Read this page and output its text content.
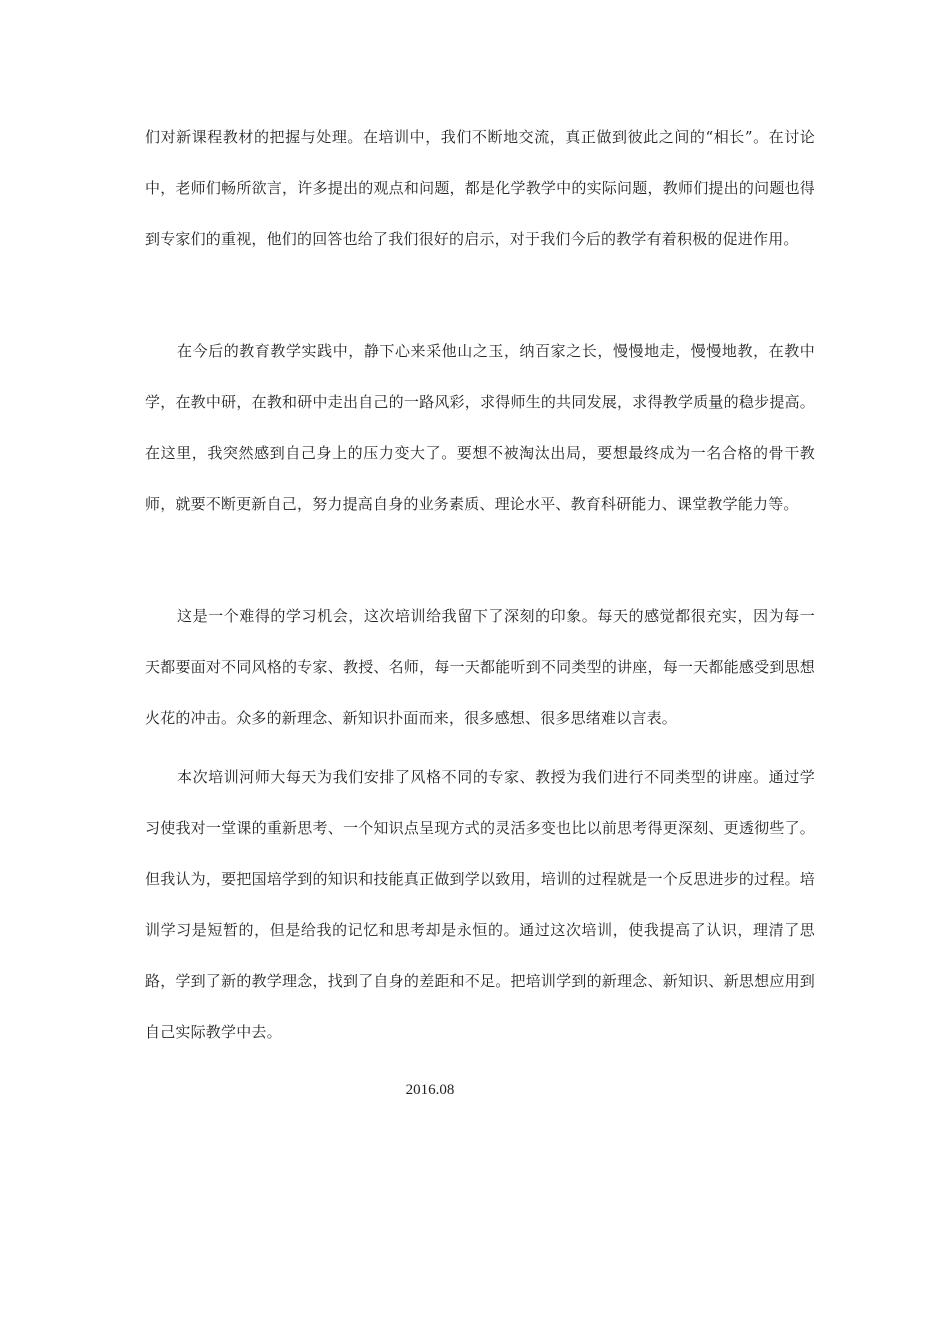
们对新课程教材的把握与处理。在培训中，我们不断地交流，真正做到彼此之间的“相长”。在讨论中，老师们畅所欲言，许多提出的观点和问题，都是化学教学中的实际问题，教师们提出的问题也得到专家们的重视，他们的回答也给了我们很好的启示，对于我们今后的教学有着积极的促进作用。

在今后的教育教学实践中，静下心来采他山之玉，纳百家之长，慢慢地走，慢慢地教，在教中学，在教中研，在教和研中走出自己的一路风彩，求得师生的共同发展，求得教学质量的稳步提高。在这里，我突然感到自己身上的压力变大了。要想不被淘汰出局，要想最终成为一名合格的骨干教师，就要不断更新自己，努力提高自身的业务素质、理论水平、教育科研能力、课堂教学能力等。

这是一个难得的学习机会，这次培训给我留下了深刻的印象。每天的感觉都很充实，因为每一天都要面对不同风格的专家、教授、名师，每一天都能听到不同类型的讲座，每一天都能感受到思想火花的冲击。众多的新理念、新知识扑面而来，很多感想、很多思绪难以言表。

本次培训河师大每天为我们安排了风格不同的专家、教授为我们进行不同类型的讲座。通过学习使我对一堂课的重新思考、一个知识点呈现方式的灵活多变也比以前思考得更深刻、更透彻些了。但我认为，要把国培学到的知识和技能真正做到学以致用，培训的过程就是一个反思进步的过程。培训学习是短暂的，但是给我的记忆和思考却是永恒的。通过这次培训，使我提高了认识，理清了思路，学到了新的教学理念，找到了自身的差距和不足。把培训学到的新理念、新知识、新思想应用到自己实际教学中去。

2016.08
